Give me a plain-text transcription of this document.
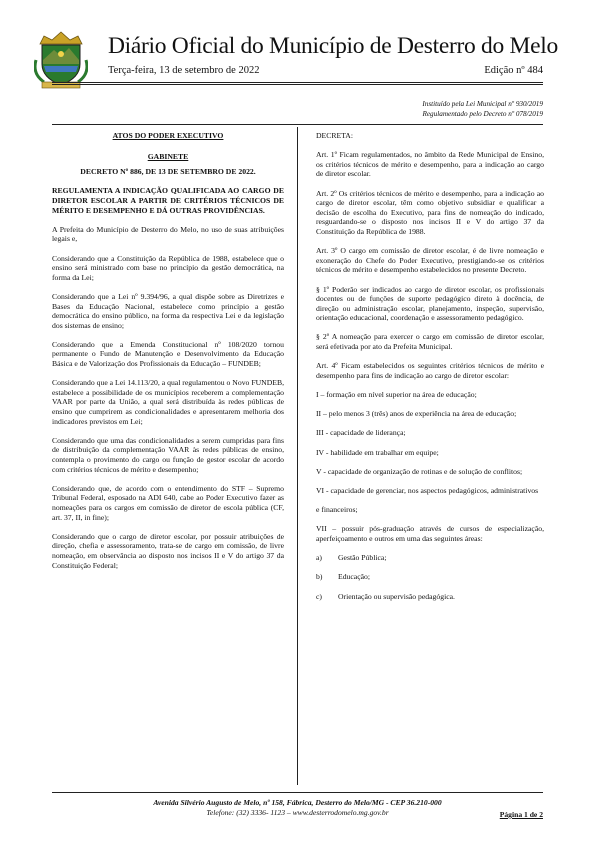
Diário Oficial do Município de Desterro do Melo
Terça-feira, 13 de setembro de 2022	Edição nº 484
Instituído pela Lei Municipal nº 930/2019
Regulamentado pelo Decreto nº 078/2019

ATOS DO PODER EXECUTIVO

GABINETE

DECRETO Nº 886, DE 13 DE SETEMBRO DE 2022.

REGULAMENTA A INDICAÇÃO QUALIFICADA AO CARGO DE DIRETOR ESCOLAR A PARTIR DE CRITÉRIOS TÉCNICOS DE MÉRITO E DESEMPENHO E DÁ OUTRAS PROVIDÊNCIAS.

A Prefeita do Município de Desterro do Melo, no uso de suas atribuições legais e,

Considerando que a Constituição da República de 1988, estabelece que o ensino será ministrado com base no princípio da gestão democrática, na forma da Lei;

Considerando que a Lei nº 9.394/96, a qual dispõe sobre as Diretrizes e Bases da Educação Nacional, estabelece como princípio a gestão democrática do ensino público, na forma da respectiva Lei e da legislação dos sistemas de ensino;

Considerando que a Emenda Constitucional nº 108/2020 tornou permanente o Fundo de Manutenção e Desenvolvimento da Educação Básica e de Valorização dos Profissionais da Educação – FUNDEB;

Considerando que a Lei 14.113/20, a qual regulamentou o Novo FUNDEB, estabelece a possibilidade de os municípios receberem a complementação VAAR por parte da União, a qual será distribuída às redes públicas de ensino que cumprirem as condicionalidades e apresentarem melhoria dos indicadores previstos em Lei;

Considerando que uma das condicionalidades a serem cumpridas para fins de distribuição da complementação VAAR às redes públicas de ensino, contempla o provimento do cargo ou função de gestor escolar de acordo com critérios técnicos de mérito e desempenho;

Considerando que, de acordo com o entendimento do STF – Supremo Tribunal Federal, esposado na ADI 640, cabe ao Poder Executivo fazer as nomeações para os cargos em comissão de diretor de escola pública (CF, art. 37, II, in fine);

Considerando que o cargo de diretor escolar, por possuir atribuições de direção, chefia e assessoramento, trata-se de cargo em comissão, de livre nomeação, em observância ao disposto nos incisos II e V do artigo 37 da Constituição Federal;

DECRETA:

Art. 1º Ficam regulamentados, no âmbito da Rede Municipal de Ensino, os critérios técnicos de mérito e desempenho, para a indicação ao cargo de diretor escolar.

Art. 2º Os critérios técnicos de mérito e desempenho, para a indicação ao cargo de diretor escolar, têm como objetivo subsidiar e qualificar a decisão de escolha do Executivo, para fins de nomeação do indicado, resguardando-se o disposto nos incisos II e V do artigo 37 da Constituição da República de 1988.

Art. 3º O cargo em comissão de diretor escolar, é de livre nomeação e exoneração do Chefe do Poder Executivo, prestigiando-se os critérios técnicos de mérito e desempenho estabelecidos no presente Decreto.

§ 1º Poderão ser indicados ao cargo de diretor escolar, os profissionais docentes ou de funções de suporte pedagógico direto à docência, de direção ou administração escolar, planejamento, inspeção, supervisão, orientação educacional, coordenação e assessoramento pedagógico.

§ 2º A nomeação para exercer o cargo em comissão de diretor escolar, será efetivada por ato da Prefeita Municipal.

Art. 4º Ficam estabelecidos os seguintes critérios técnicos de mérito e desempenho para fins de indicação ao cargo de diretor escolar:

I – formação em nível superior na área de educação;

II – pelo menos 3 (três) anos de experiência na área de educação;

III - capacidade de liderança;

IV - habilidade em trabalhar em equipe;

V - capacidade de organização de rotinas e de solução de conflitos;

VI - capacidade de gerenciar, nos aspectos pedagógicos, administrativos

e financeiros;

VII – possuir pós-graduação através de cursos de especialização, aperfeiçoamento e outros em uma das seguintes áreas:

a)	Gestão Pública;
b)	Educação;
c)	Orientação ou supervisão pedagógica.
Avenida Silvério Augusto de Melo, nº 158, Fábrica, Desterro do Melo/MG - CEP 36.210-000
Telefone: (32) 3336- 1123 – www.desterrodomelo.mg.gov.br	Página 1 de 2
